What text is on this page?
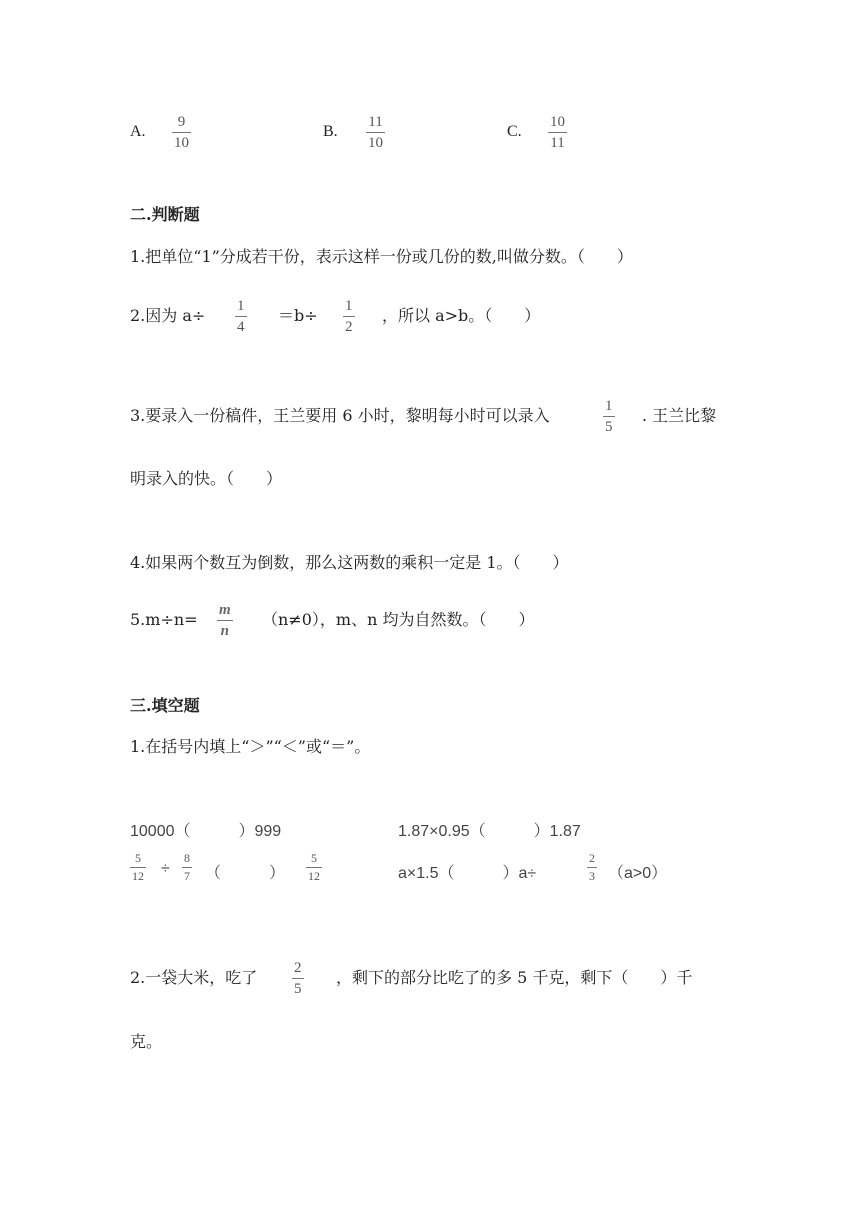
A.
9
10
B.
11
10
C.
10
11
二.判断题
1.把单位“1”分成若干份，表示这样一份或几份的数,叫做分数。（　　）
2.因为 a÷ 1
4
＝b÷ 1
2
，所以 a>b。（　　）
3.要录入一份稿件，王兰要用 6 小时，黎明每小时可以录入	1
5
. 王兰比黎
明录入的快。（　　）
4.如果两个数互为倒数，那么这两数的乘积一定是 1。（　　）
5.m÷n= m
n
（n≠0），m、n 均为自然数。（　　）
三.填空题
1.在括号内填上“＞”“＜”或“＝”。
10000（　　　）999	1.87×0.95（　　　）1.87
5
12 ÷
8
7 （　　　）
5
12	a×1.5（　　　）a÷
2
3 （a>0）
2.一袋大米，吃了 2
5
，剩下的部分比吃了的多 5 千克，剩下（　　）千
克。
